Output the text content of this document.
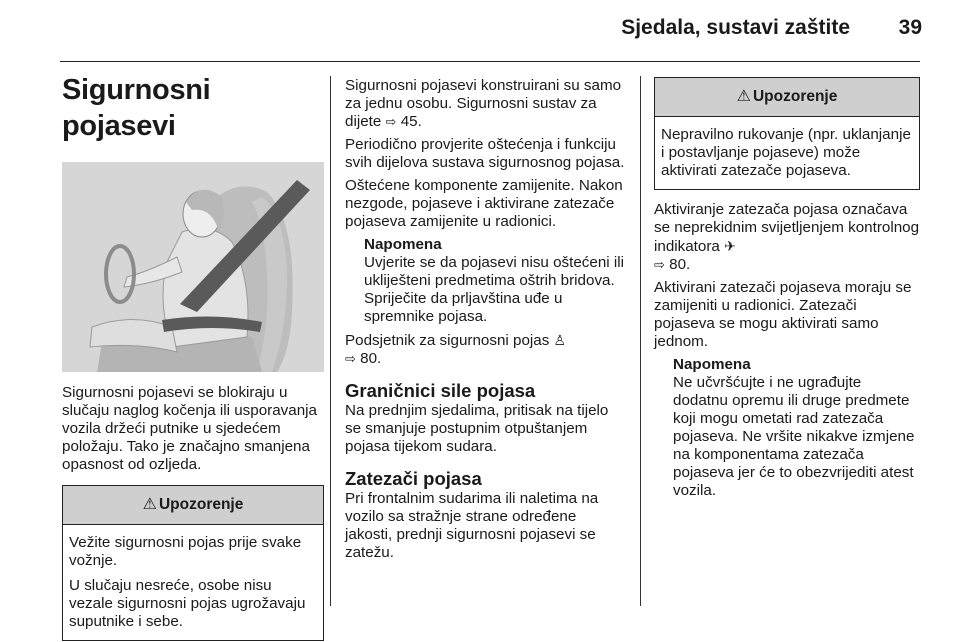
Sjedala, sustavi zaštite 39
Sigurnosni pojasevi

Sigurnosni pojasevi se blokiraju u slučaju naglog kočenja ili usporavanja vozila držeći putnike u sjedećem položaju. Tako je značajno smanjena opasnost od ozljeda.

⚠ Upozorenje

Vežite sigurnosni pojas prije svake vožnje.

U slučaju nesreće, osobe nisu vezale sigurnosni pojas ugrožavaju suputnike i sebe.

Sigurnosni pojasevi konstruirani su samo za jednu osobu. Sigurnosni sustav za dijete ⇨ 45.

Periodično provjerite oštećenja i funkciju svih dijelova sustava sigurnosnog pojasa.

Oštećene komponente zamijenite. Nakon nezgode, pojaseve i aktivirane zatezače pojaseva zamijenite u radionici.

Napomena
Uvjerite se da pojasevi nisu oštećeni ili uklij​ešteni predmetima oštrih bridova. Spriječite da prljavština uđe u spremnike pojasa.

Podsjetnik za sigurnosni pojas ♙
⇨ 80.

Graničnici sile pojasa

Na prednjim sjedalima, pritisak na tijelo se smanjuje postupnim otpuštanjem pojasa tijekom sudara.

Zatezači pojasa

Pri frontalnim sudarima ili naletima na vozilo sa stražnje strane određene jakosti, prednji sigurnosni pojasevi se zatežu.

⚠ Upozorenje

Nepravilno rukovanje (npr. uklanjanje i postavljanje pojaseve) može aktivirati zatezače pojaseva.

Aktiviranje zatezača pojasa označava se neprekidnim svijetljenjem kontrolnog indikatora ✈
⇨ 80.

Aktivirani zatezači pojaseva moraju se zamijeniti u radionici. Zatezači pojaseva se mogu aktivirati samo jednom.

Napomena
Ne učvršćujte i ne ugrađujte dodatnu opremu ili druge predmete koji mogu ometati rad zatezača pojaseva. Ne vršite nikakve izmjene na komponentama zatezača pojaseva jer će to obezvrijediti atest vozila.
